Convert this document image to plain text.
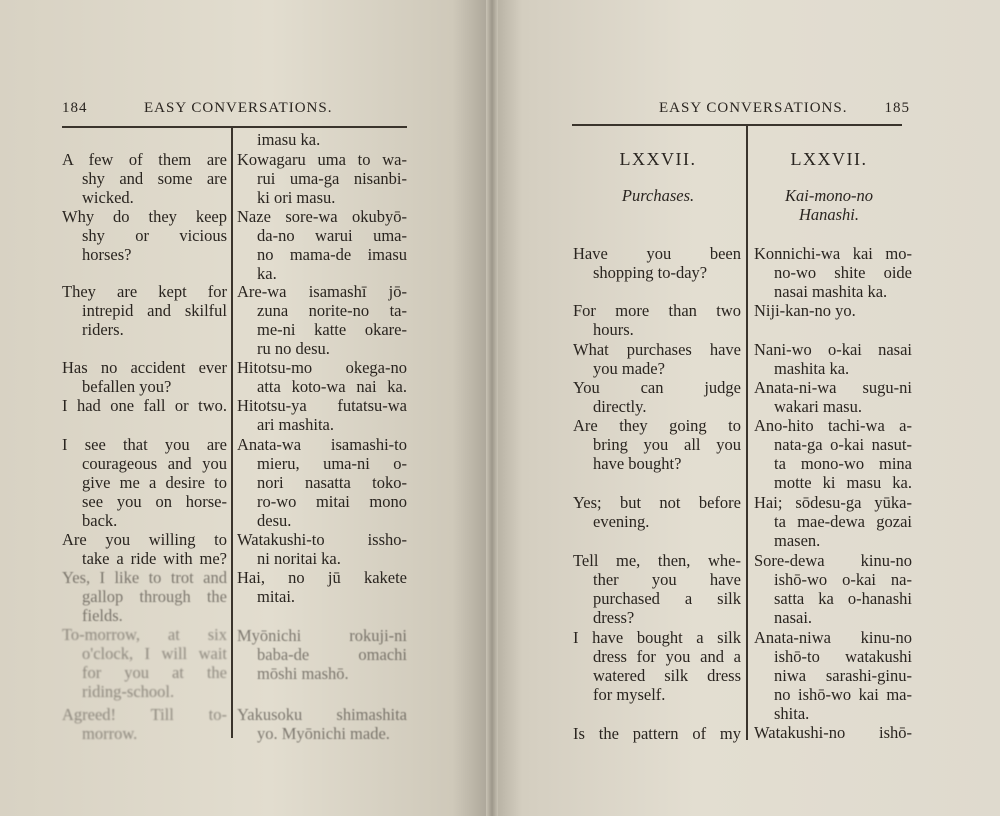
184	EASY CONVERSATIONS.
A few of them are
shy and some are
wicked.
Why do they keep
shy or vicious
horses?
They are kept for
intrepid and skilful
riders.
Has no accident ever
befallen you?
I had one fall or two.
I see that you are
courageous and you
give me a desire to
see you on horse-
back.
Are you willing to
take a ride with me?
Yes, I like to trot and
gallop through the
fields.
To-morrow, at six
o'clock, I will wait
for you at the
riding-school.
Agreed! Till to-
morrow.
imasu ka.
Kowagaru uma to wa-
rui uma-ga nisanbi-
ki ori masu.
Naze sore-wa okubyō-
da-no warui uma-
no mama-de imasu
ka.
Are-wa isamashī jō-
zuna norite-no ta-
me-ni katte okare-
ru no desu.
Hitotsu-mo okega-no
atta koto-wa nai ka.
Hitotsu-ya futatsu-wa
ari mashita.
Anata-wa isamashi-to
mieru, uma-ni o-
nori nasatta toko-
ro-wo mitai mono
desu.
Watakushi-to issho-
ni noritai ka.
Hai, no jū kakete
mitai.
Myōnichi rokuji-ni
baba-de omachi
mōshi mashō.
Yakusoku shimashita
yo. Myōnichi made.
EASY CONVERSATIONS. 185
LXXVII.
Purchases.
LXXVII.
Kai-mono-no
Hanashi.
Have you been
shopping to-day?
For more than two
hours.
What purchases have
you made?
You can judge
directly.
Are they going to
bring you all you
have bought?
Yes; but not before
evening.
Tell me, then, whe-
ther you have
purchased a silk
dress?
I have bought a silk
dress for you and a
watered silk dress
for myself.
Is the pattern of my
Konnichi-wa kai mo-
no-wo shite oide
nasai mashita ka.
Niji-kan-no yo.
Nani-wo o-kai nasai
mashita ka.
Anata-ni-wa sugu-ni
wakari masu.
Ano-hito tachi-wa a-
nata-ga o-kai nasut-
ta mono-wo mina
motte ki masu ka.
Hai; sōdesu-ga yūka-
ta mae-dewa gozai
masen.
Sore-dewa kinu-no
ishō-wo o-kai na-
satta ka o-hanashi
nasai.
Anata-niwa kinu-no
ishō-to watakushi
niwa sarashi-ginu-
no ishō-wo kai ma-
shita.
Watakushi-no ishō-
